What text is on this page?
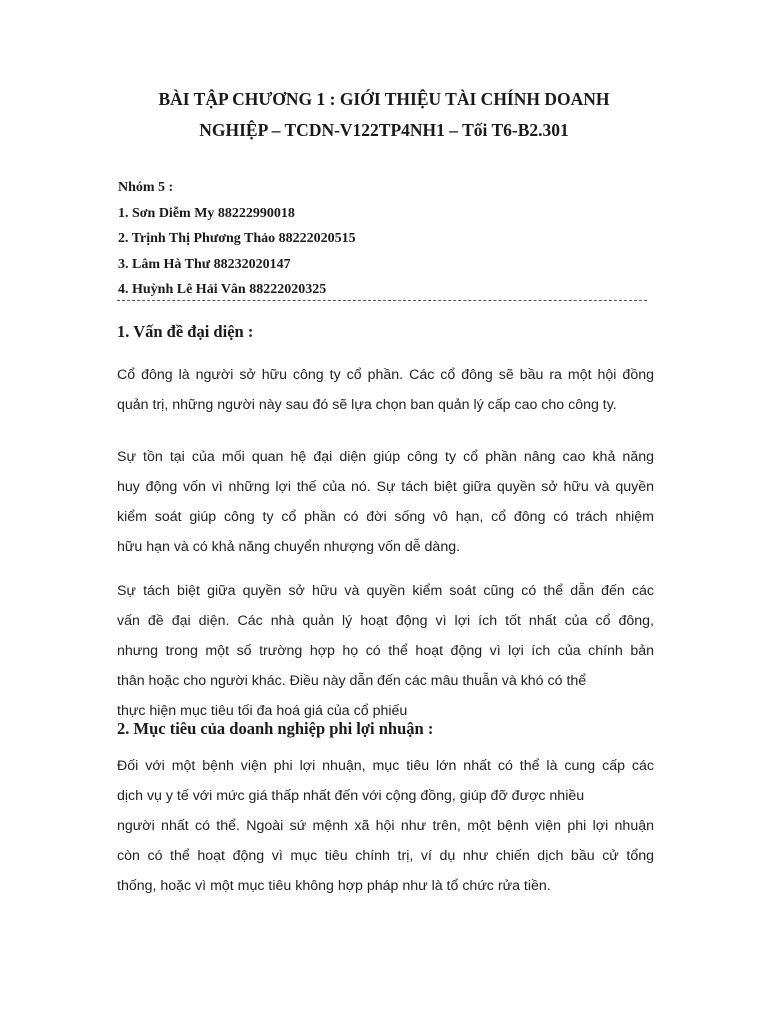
BÀI TẬP CHƯƠNG 1 : GIỚI THIỆU TÀI CHÍNH DOANH
NGHIỆP – TCDN-V122TP4NH1 – Tối T6-B2.301
Nhóm 5 :
1. Sơn Diễm My 88222990018
2. Trịnh Thị Phương Thảo 88222020515
3. Lâm Hà Thư 88232020147
4. Huỳnh Lê Hải Vân 88222020325
1. Vấn đề đại diện :

Cổ đông là người sở hữu công ty cổ phần. Các cổ đông sẽ bầu ra một hội đồng
quản trị, những người này sau đó sẽ lựa chọn ban quản lý cấp cao cho công ty.

Sự tồn tại của mối quan hệ đại diện giúp công ty cổ phần nâng cao khả năng
huy động vốn vì những lợi thế của nó. Sự tách biệt giữa quyền sở hữu và quyền
kiểm soát giúp công ty cổ phần có đời sống vô hạn, cổ đông có trách nhiệm
hữu hạn và có khả năng chuyển nhượng vốn dễ dàng.

Sự tách biệt giữa quyền sở hữu và quyền kiểm soát cũng có thể dẫn đến các
vấn đề đại diện. Các nhà quản lý hoạt động vì lợi ích tốt nhất của cổ đông,
nhưng trong một số trường hợp họ có thể hoạt động vì lợi ích của chính bản
thân hoặc cho người khác. Điều này dẫn đến các mâu thuẫn và khó có thể
thực hiện mục tiêu tối đa hoá giá của cổ phiếu

2. Mục tiêu của doanh nghiệp phi lợi nhuận :

Đối với một bệnh viện phi lợi nhuận, mục tiêu lớn nhất có thể là cung cấp các
dịch vụ y tế với mức giá thấp nhất đến với cộng đồng, giúp đỡ được nhiều
người nhất có thể. Ngoài sứ mệnh xã hội như trên, một bệnh viện phi lợi nhuận
còn có thể hoạt động vì mục tiêu chính trị, ví dụ như chiến dịch bầu cử tổng
thống, hoặc vì một mục tiêu không hợp pháp như là tổ chức rửa tiền.
